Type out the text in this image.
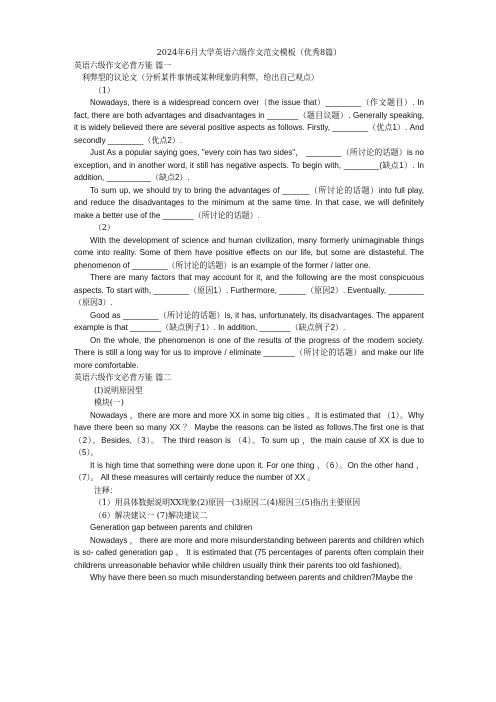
2024年6月大学英语六级作文范文模板（优秀8篇）
英语六级作文必背万能 篇一
利弊型的议论文（分析某件事情或某种现象的利弊，给出自己观点）
（1）

Nowadays, there is a widespread concern over（the issue that）________（作文题目）. In fact, there are both advantages and disadvantages in _______（题目议题）. Generally speaking, it is widely believed there are several positive aspects as follows. Firstly, ________（优点1）. And secondly ________（优点2）.

Just As a popular saying goes, "every coin has two sides"， ________（所讨论的话题）is no exception, and in another word, it still has negative aspects. To begin with, ________(缺点1）. In addition, __________（缺点2）.

To sum up, we should try to bring the advantages of ______（所讨论的话题）into full play, and reduce the disadvantages to the minimum at the same time. In that case, we will definitely make a better use of the _______（所讨论的话题）.

（2）

With the development of science and human civilization, many formerly unimaginable things come into reality. Some of them have positive effects on our life, but some are distasteful. The phenomenon of ________（所讨论的话题）is an example of the former / latter one.

There are many factors that may account for it, and the following are the most conspicuous aspects. To start with, ________（原因1）. Furthermore, ______（原因2）. Eventually, ________（原因3）.

Good as ________（所讨论的话题）is, it has, unfortunately, its disadvantages. The apparent example is that _______（缺点例子1）. In addition, _______（缺点例子2）.

On the whole, the phenomenon is one of the results of the progress of the modern society. There is still a long way for us to improve / eliminate _______（所讨论的话题）and make our life more comfortable.

英语六级作文必背万能 篇二
(I)说明原因型
模块(一)

Nowadays ，there are more and more XX in some big cities 。It is estimated that （1）。Why have there been so many XX ？ Maybe the reasons can be listed as follows.The first one is that （2）。Besides,（3）。 The third reason is （4）。To sum up ，the main cause of XX is due to （5）。

It is high time that something were done upon it. For one thing ，（6）。On the other hand ，（7）。 All these measures will certainly reduce the number of XX 。

注释：
（1）用具体数据说明XX现象(2)原因一(3)原因二(4)原因三(5)指出主要原因
（6）解决建议一 (7)解决建议二

Generation gap between parents and children

Nowadays ， there are more and more misunderstanding between parents and children which is so- called generation gap 。 It is estimated that (75 percentages of parents often complain their childrens unreasonable behavior while children usually think their parents too old fashioned)。

Why have there been so much misunderstanding between parents and children?Maybe the
